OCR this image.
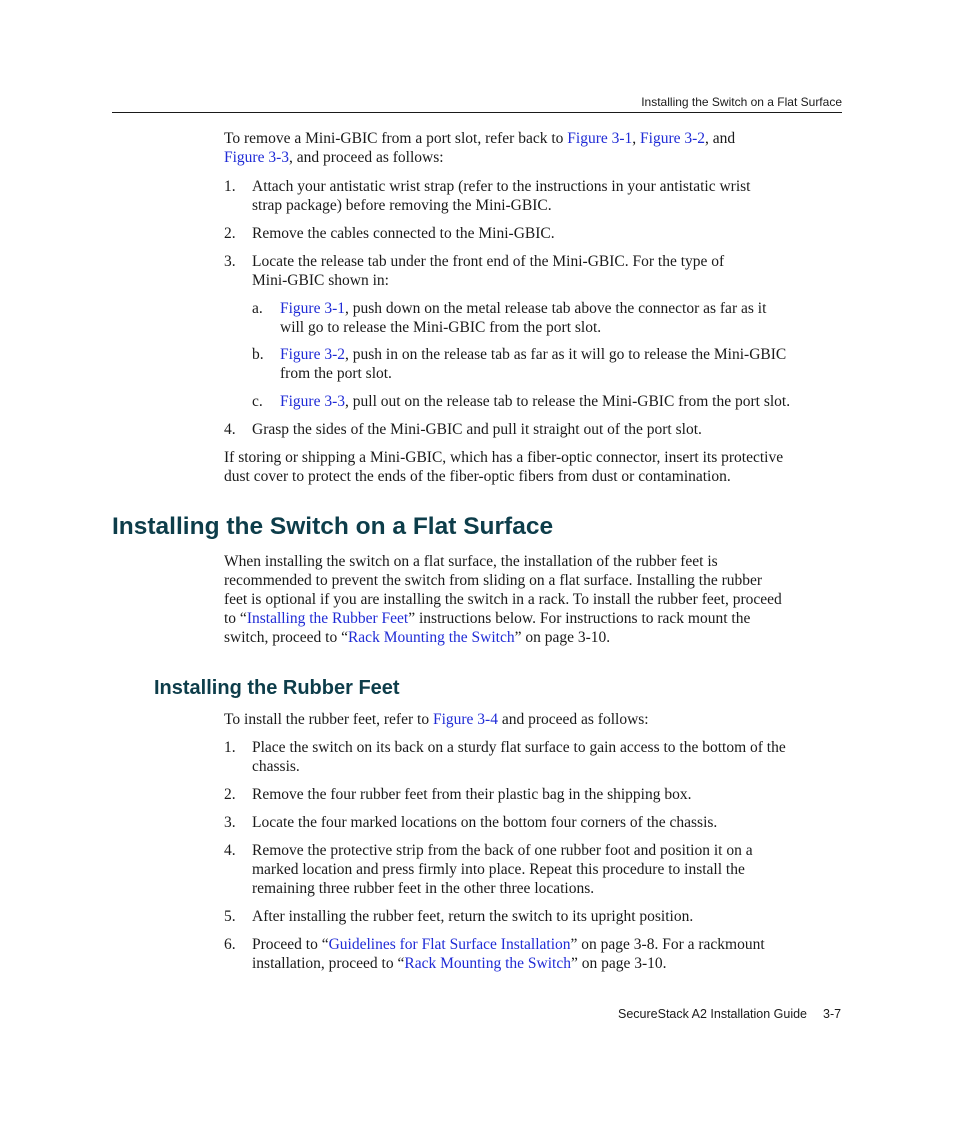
Installing the Switch on a Flat Surface
To remove a Mini-GBIC from a port slot, refer back to Figure 3-1, Figure 3-2, and
Figure 3-3, and proceed as follows:
1. Attach your antistatic wrist strap (refer to the instructions in your antistatic wrist
strap package) before removing the Mini-GBIC.
2. Remove the cables connected to the Mini-GBIC.
3. Locate the release tab under the front end of the Mini-GBIC. For the type of
Mini-GBIC shown in:
a. Figure 3-1, push down on the metal release tab above the connector as far as it
will go to release the Mini-GBIC from the port slot.
b. Figure 3-2, push in on the release tab as far as it will go to release the Mini-GBIC
from the port slot.
c. Figure 3-3, pull out on the release tab to release the Mini-GBIC from the port slot.
4. Grasp the sides of the Mini-GBIC and pull it straight out of the port slot.
If storing or shipping a Mini-GBIC, which has a fiber-optic connector, insert its protective
dust cover to protect the ends of the fiber-optic fibers from dust or contamination.
Installing the Switch on a Flat Surface
When installing the switch on a flat surface, the installation of the rubber feet is
recommended to prevent the switch from sliding on a flat surface. Installing the rubber
feet is optional if you are installing the switch in a rack. To install the rubber feet, proceed
to “Installing the Rubber Feet” instructions below. For instructions to rack mount the
switch, proceed to “Rack Mounting the Switch” on page 3-10.
Installing the Rubber Feet
To install the rubber feet, refer to Figure 3-4 and proceed as follows:
1. Place the switch on its back on a sturdy flat surface to gain access to the bottom of the
chassis.
2. Remove the four rubber feet from their plastic bag in the shipping box.
3. Locate the four marked locations on the bottom four corners of the chassis.
4. Remove the protective strip from the back of one rubber foot and position it on a
marked location and press firmly into place. Repeat this procedure to install the
remaining three rubber feet in the other three locations.
5. After installing the rubber feet, return the switch to its upright position.
6. Proceed to “Guidelines for Flat Surface Installation” on page 3-8. For a rackmount
installation, proceed to “Rack Mounting the Switch” on page 3-10.
SecureStack A2 Installation Guide 3-7
